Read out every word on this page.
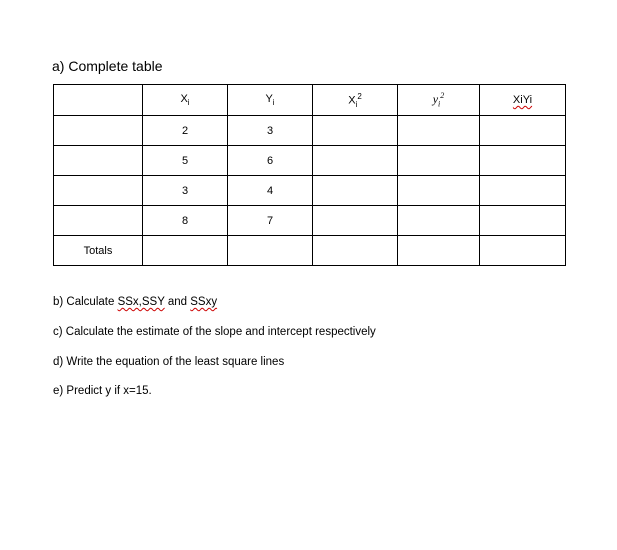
a) Complete table
	$X_i$	$Y_i$	$X_i^2$	$y_i^2$	XiYi
	2	3			
	5	6			
	3	4			
	8	7			
Totals					
b) Calculate SSx,SSY and SSxy
c) Calculate the estimate of the slope and intercept respectively
d) Write the equation of the least square lines
e) Predict y if x=15.
